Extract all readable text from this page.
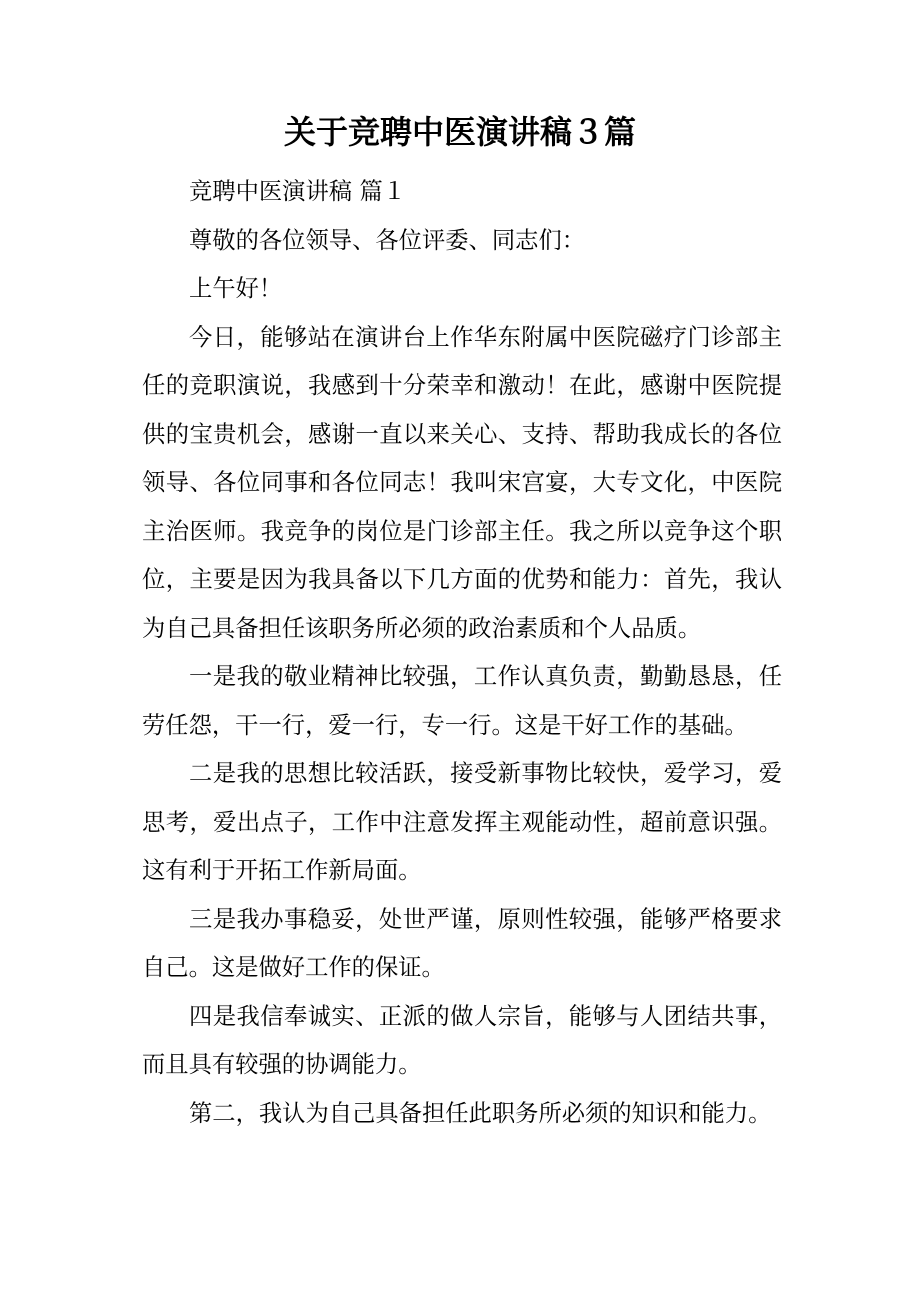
关于竞聘中医演讲稿３篇

竞聘中医演讲稿 篇１

尊敬的各位领导、各位评委、同志们：

上午好！

今日，能够站在演讲台上作华东附属中医院磁疗门诊部主任的竞职演说，我感到十分荣幸和激动！在此，感谢中医院提供的宝贵机会，感谢一直以来关心、支持、帮助我成长的各位领导、各位同事和各位同志！我叫宋宫宴，大专文化，中医院主治医师。我竞争的岗位是门诊部主任。我之所以竞争这个职位，主要是因为我具备以下几方面的优势和能力：首先，我认为自己具备担任该职务所必须的政治素质和个人品质。

一是我的敬业精神比较强，工作认真负责，勤勤恳恳，任劳任怨，干一行，爱一行，专一行。这是干好工作的基础。

二是我的思想比较活跃，接受新事物比较快，爱学习，爱思考，爱出点子，工作中注意发挥主观能动性，超前意识强。这有利于开拓工作新局面。

三是我办事稳妥，处世严谨，原则性较强，能够严格要求自己。这是做好工作的保证。

四是我信奉诚实、正派的做人宗旨，能够与人团结共事，而且具有较强的协调能力。

第二，我认为自己具备担任此职务所必须的知识和能力。
